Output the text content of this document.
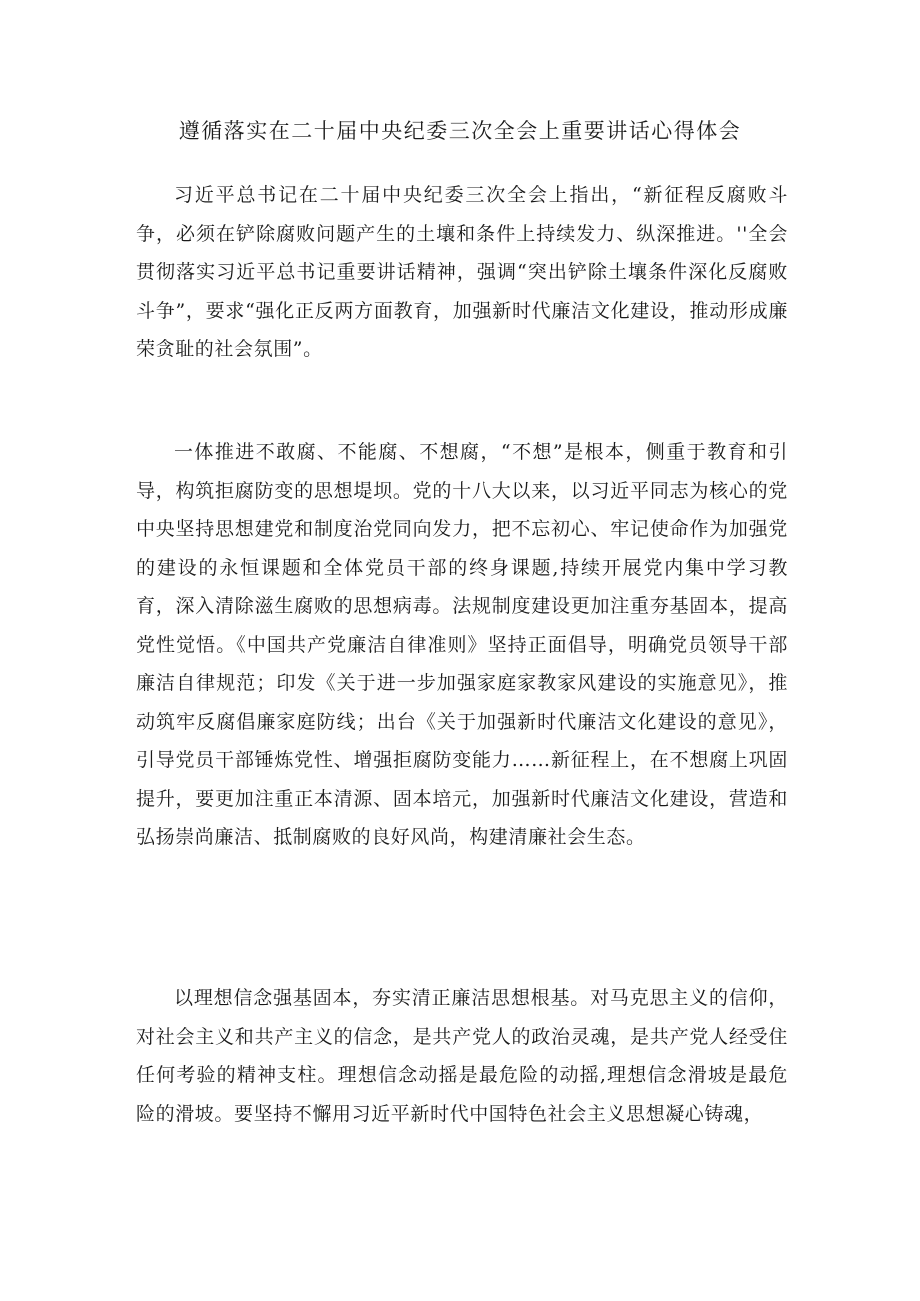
遵循落实在二十届中央纪委三次全会上重要讲话心得体会

习近平总书记在二十届中央纪委三次全会上指出，“新征程反腐败斗争，必须在铲除腐败问题产生的土壤和条件上持续发力、纵深推进。''全会贯彻落实习近平总书记重要讲话精神，强调“突出铲除土壤条件深化反腐败斗争”，要求“强化正反两方面教育，加强新时代廉洁文化建设，推动形成廉荣贪耻的社会氛围”。

一体推进不敢腐、不能腐、不想腐，“不想”是根本，侧重于教育和引导，构筑拒腐防变的思想堤坝。党的十八大以来，以习近平同志为核心的党中央坚持思想建党和制度治党同向发力，把不忘初心、牢记使命作为加强党的建设的永恒课题和全体党员干部的终身课题,持续开展党内集中学习教育，深入清除滋生腐败的思想病毒。法规制度建设更加注重夯基固本，提高党性觉悟。《中国共产党廉洁自律准则》坚持正面倡导，明确党员领导干部廉洁自律规范；印发《关于进一步加强家庭家教家风建设的实施意见》，推动筑牢反腐倡廉家庭防线；出台《关于加强新时代廉洁文化建设的意见》，引导党员干部锤炼党性、增强拒腐防变能力……新征程上，在不想腐上巩固提升，要更加注重正本清源、固本培元，加强新时代廉洁文化建设，营造和弘扬崇尚廉洁、抵制腐败的良好风尚，构建清廉社会生态。

以理想信念强基固本，夯实清正廉洁思想根基。对马克思主义的信仰，对社会主义和共产主义的信念，是共产党人的政治灵魂，是共产党人经受住任何考验的精神支柱。理想信念动摇是最危险的动摇,理想信念滑坡是最危险的滑坡。要坚持不懈用习近平新时代中国特色社会主义思想凝心铸魂，
